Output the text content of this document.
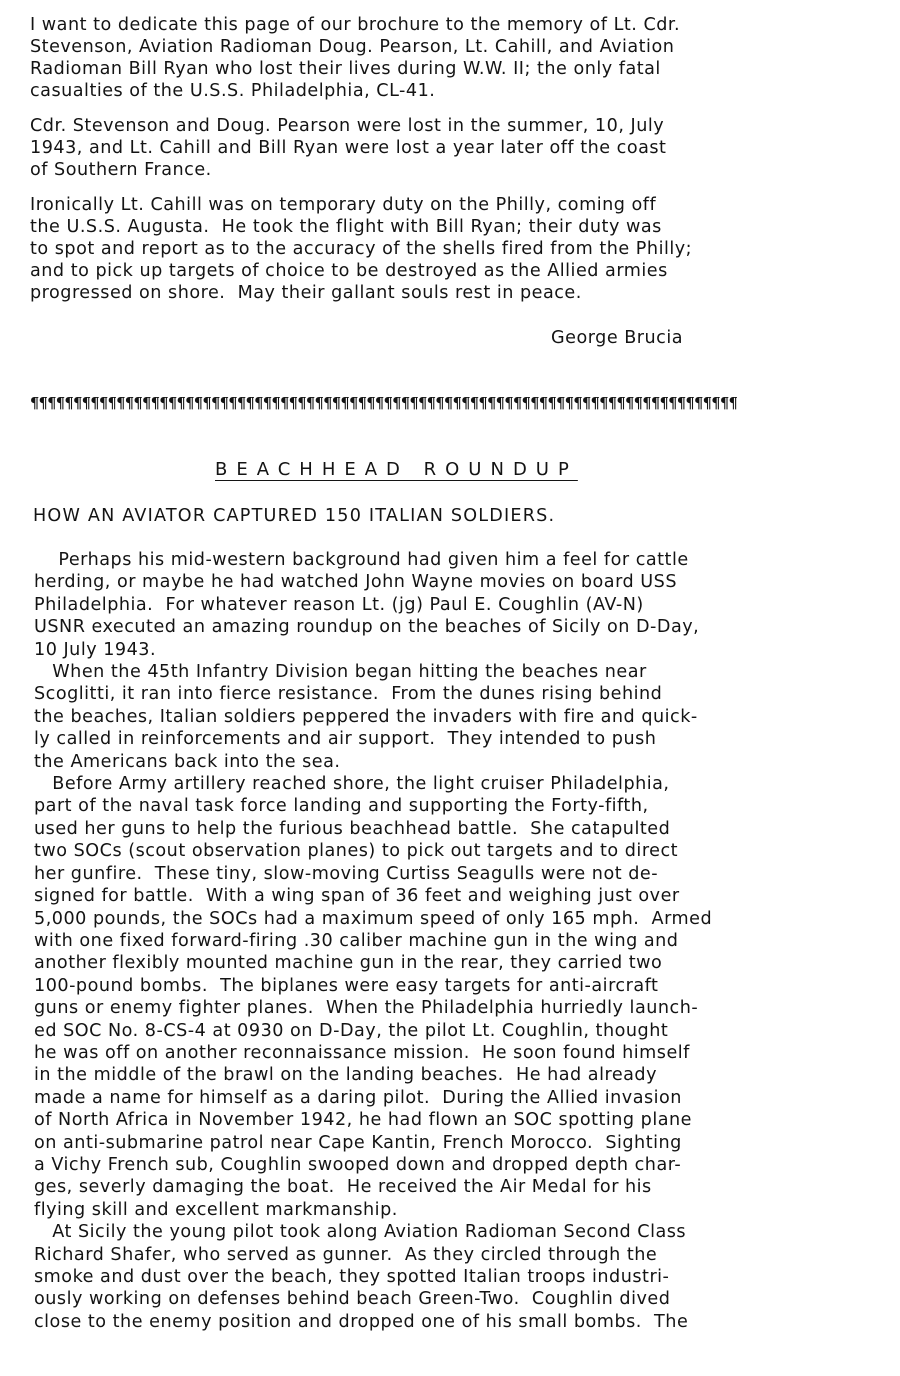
I want to dedicate this page of our brochure to the memory of Lt. Cdr.
Stevenson, Aviation Radioman Doug. Pearson, Lt. Cahill, and Aviation
Radioman Bill Ryan who lost their lives during W.W. II; the only fatal
casualties of the U.S.S. Philadelphia, CL-41.

Cdr. Stevenson and Doug. Pearson were lost in the summer, 10, July
1943, and Lt. Cahill and Bill Ryan were lost a year later off the coast
of Southern France.

Ironically Lt. Cahill was on temporary duty on the Philly, coming off
the U.S.S. Augusta.  He took the flight with Bill Ryan; their duty was
to spot and report as to the accuracy of the shells fired from the Philly;
and to pick up targets of choice to be destroyed as the Allied armies
progressed on shore.  May their gallant souls rest in peace.

George Brucia
¶¶¶¶¶¶¶¶¶¶¶¶¶¶¶¶¶¶¶¶¶¶¶¶¶¶¶¶¶¶¶¶¶¶¶¶¶¶¶¶¶¶¶¶¶¶¶¶¶¶¶¶¶¶¶¶¶¶¶¶¶¶¶¶¶¶¶¶¶¶¶¶¶¶¶¶¶¶¶¶¶¶
BEACHHEAD ROUNDUP
HOW AN AVIATOR CAPTURED 150 ITALIAN SOLDIERS.

Perhaps his mid-western background had given him a feel for cattle
herding, or maybe he had watched John Wayne movies on board USS
Philadelphia.  For whatever reason Lt. (jg) Paul E. Coughlin (AV-N)
USNR executed an amazing roundup on the beaches of Sicily on D-Day,
10 July 1943.
When the 45th Infantry Division began hitting the beaches near
Scoglitti, it ran into fierce resistance.  From the dunes rising behind
the beaches, Italian soldiers peppered the invaders with fire and quick-
ly called in reinforcements and air support.  They intended to push
the Americans back into the sea.
Before Army artillery reached shore, the light cruiser Philadelphia,
part of the naval task force landing and supporting the Forty-fifth,
used her guns to help the furious beachhead battle.  She catapulted
two SOCs (scout observation planes) to pick out targets and to direct
her gunfire.  These tiny, slow-moving Curtiss Seagulls were not de-
signed for battle.  With a wing span of 36 feet and weighing just over
5,000 pounds, the SOCs had a maximum speed of only 165 mph.  Armed
with one fixed forward-firing .30 caliber machine gun in the wing and
another flexibly mounted machine gun in the rear, they carried two
100-pound bombs.  The biplanes were easy targets for anti-aircraft
guns or enemy fighter planes.  When the Philadelphia hurriedly launch-
ed SOC No. 8-CS-4 at 0930 on D-Day, the pilot Lt. Coughlin, thought
he was off on another reconnaissance mission.  He soon found himself
in the middle of the brawl on the landing beaches.  He had already
made a name for himself as a daring pilot.  During the Allied invasion
of North Africa in November 1942, he had flown an SOC spotting plane
on anti-submarine patrol near Cape Kantin, French Morocco.  Sighting
a Vichy French sub, Coughlin swooped down and dropped depth char-
ges, severly damaging the boat.  He received the Air Medal for his
flying skill and excellent markmanship.
At Sicily the young pilot took along Aviation Radioman Second Class
Richard Shafer, who served as gunner.  As they circled through the
smoke and dust over the beach, they spotted Italian troops industri-
ously working on defenses behind beach Green-Two.  Coughlin dived
close to the enemy position and dropped one of his small bombs.  The
